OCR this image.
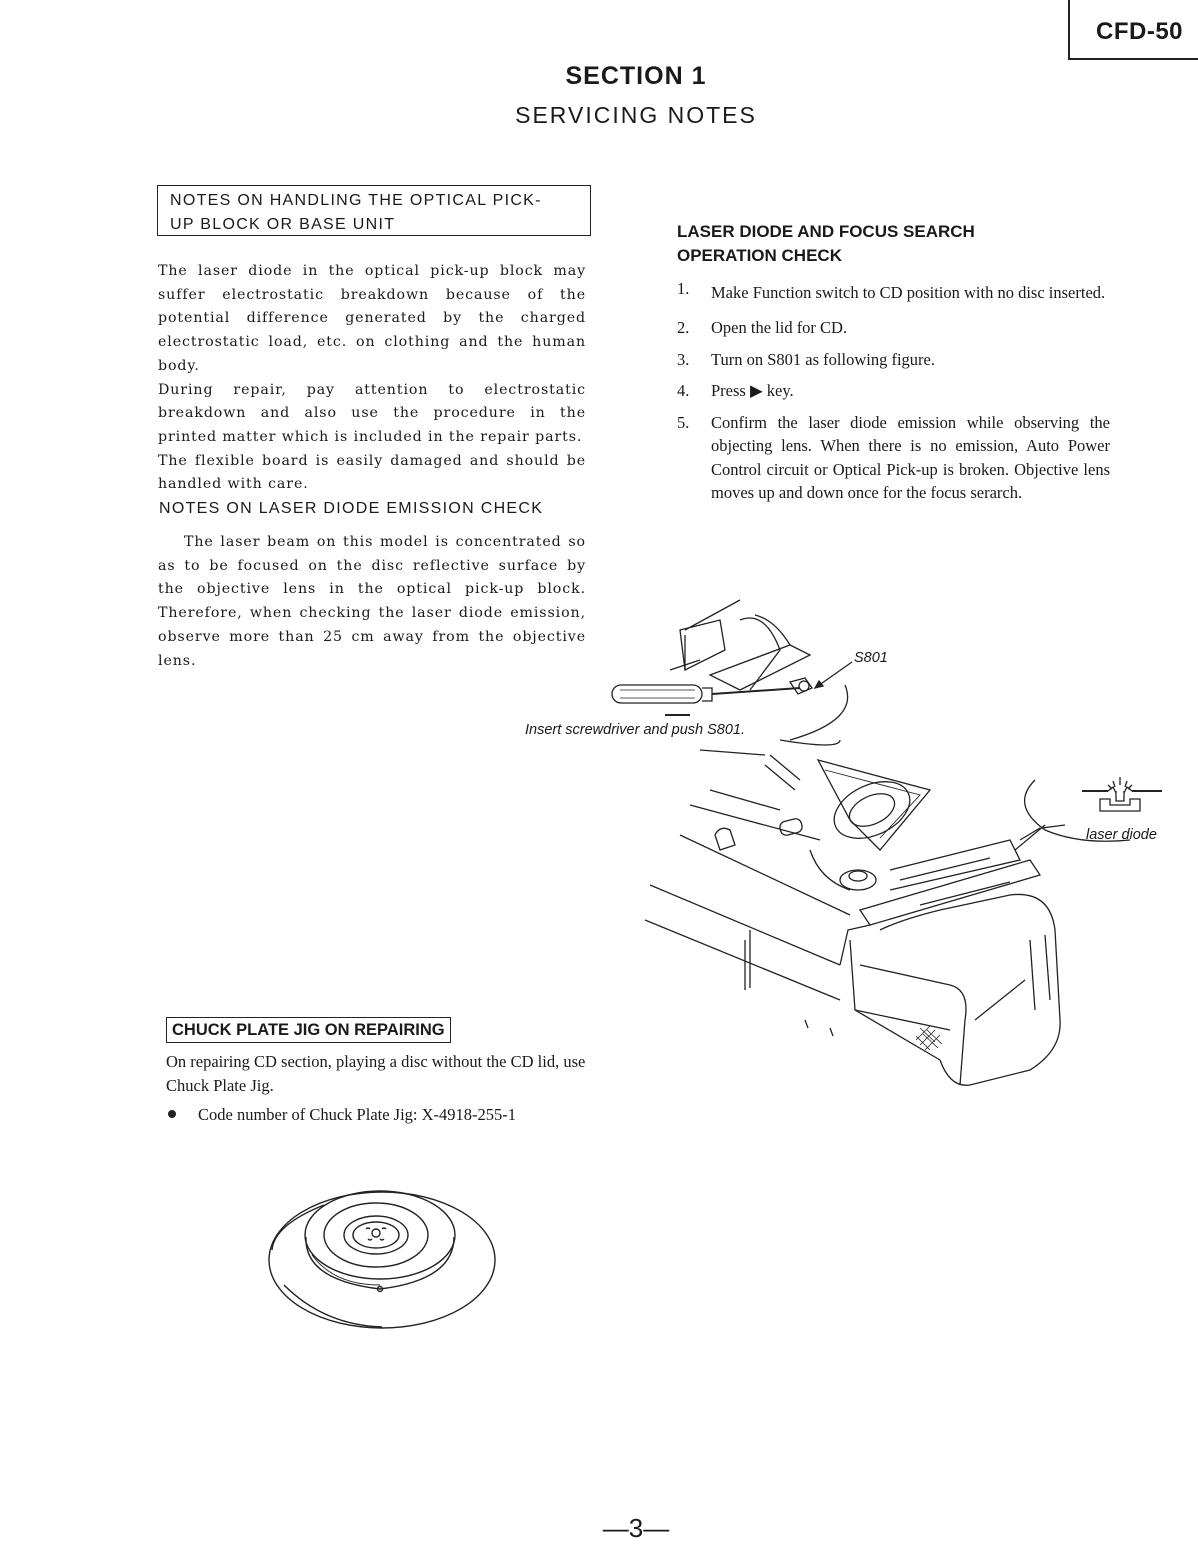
CFD-50
SECTION 1
SERVICING NOTES
NOTES ON HANDLING THE OPTICAL PICK-
UP BLOCK OR BASE UNIT

The laser diode in the optical pick-up block may suffer electrostatic breakdown because of the potential difference generated by the charged electrostatic load, etc. on clothing and the human body.

During repair, pay attention to electrostatic breakdown and also use the procedure in the printed matter which is included in the repair parts.

The flexible board is easily damaged and should be handled with care.

NOTES ON LASER DIODE EMISSION CHECK

The laser beam on this model is concentrated so as to be focused on the disc reflective surface by the objective lens in the optical pick-up block. Therefore, when checking the laser diode emission, observe more than 25 cm away from the objective lens.

LASER DIODE AND FOCUS SEARCH
OPERATION CHECK
1. Make Function switch to CD position with no disc inserted.
2. Open the lid for CD.
3. Turn on S801 as following figure.
4. Press ▶ key.
5. Confirm the laser diode emission while observing the objecting lens. When there is no emission, Auto Power Control circuit or Optical Pick-up is broken. Objective lens moves up and down once for the focus serarch.
S801
Insert screwdriver and push S801.
laser diode
CHUCK PLATE JIG ON REPAIRING
On repairing CD section, playing a disc without the CD lid, use Chuck Plate Jig.
Code number of Chuck Plate Jig: X-4918-255-1
—3—
